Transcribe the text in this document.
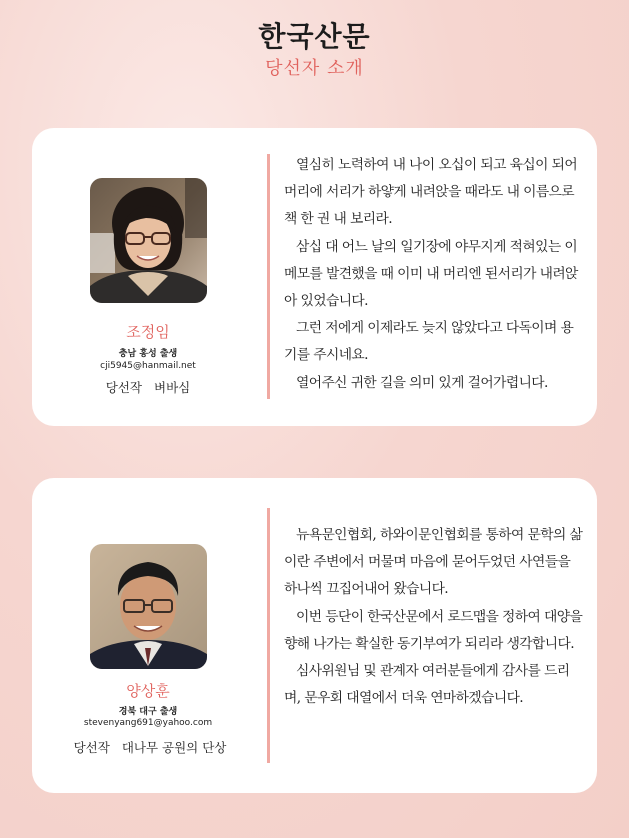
한국산문
당선자 소개
조정임
충남 홍성 출생
cji5945@hanmail.net
당선작 벼바심

열심히 노력하여 내 나이 오십이 되고 육십이 되어 머리에 서리가 하얗게 내려앉을 때라도 내 이름으로 책 한 권 내 보리라.

삼십 대 어느 날의 일기장에 야무지게 적혀있는 이 메모를 발견했을 때 이미 내 머리엔 된서리가 내려앉아 있었습니다.

그런 저에게 이제라도 늦지 않았다고 다독이며 용기를 주시네요.

열어주신 귀한 길을 의미 있게 걸어가렵니다.

양상훈
경북 대구 출생
stevenyang691@yahoo.com
당선작 대나무 공원의 단상

뉴욕문인협회, 하와이문인협회를 통하여 문학의 삶이란 주변에서 머물며 마음에 묻어두었던 사연들을 하나씩 끄집어내어 왔습니다.

이번 등단이 한국산문에서 로드맵을 정하여 대양을 향해 나가는 확실한 동기부여가 되리라 생각합니다.

심사위원님 및 관계자 여러분들에게 감사를 드리며, 문우회 대열에서 더욱 연마하겠습니다.
